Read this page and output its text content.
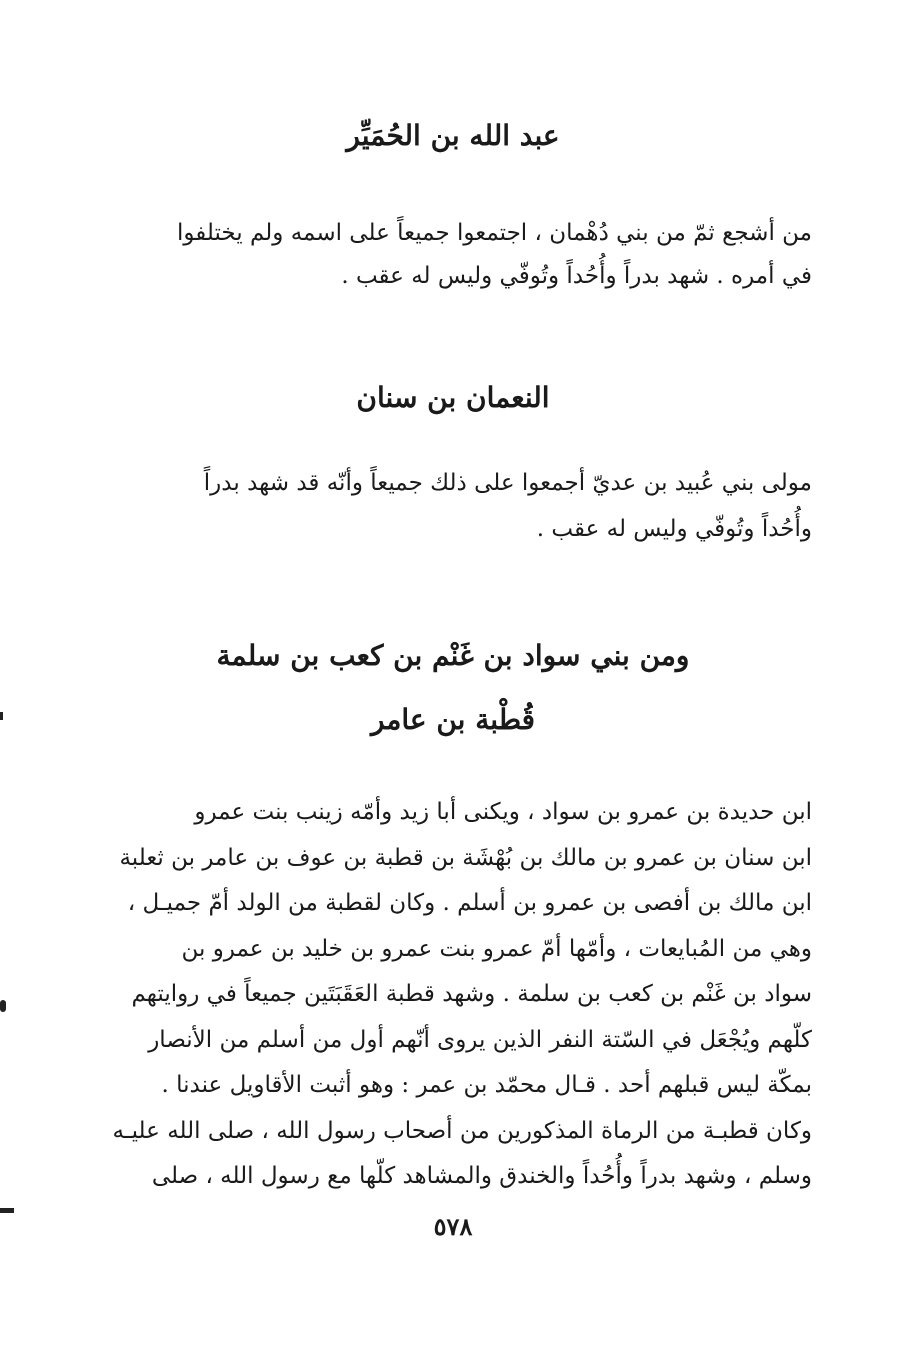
عبد الله بن الحُمَيِّر

من أشجع ثمّ من بني دُهْمان ، اجتمعوا جميعاً على اسمه ولم يختلفوا
في أمره . شهد بدراً وأُحُداً وتُوفّي وليس له عقب .

النعمان بن سنان

مولى بني عُبيد بن عديّ أجمعوا على ذلك جميعاً وأنّه قد شهد بدراً
وأُحُداً وتُوفّي وليس له عقب .

ومن بني سواد بن غَنْم بن كعب بن سلمة
قُطْبة بن عامر

ابن حديدة بن عمرو بن سواد ، ويكنى أبا زيد وأمّه زينب بنت عمرو
ابن سنان بن عمرو بن مالك بن بُهْشَة بن قطبة بن عوف بن عامر بن ثعلبة
ابن مالك بن أفصى بن عمرو بن أسلم . وكان لقطبة من الولد أمّ جميـل ،
وهي من المُبايعات ، وأمّها أمّ عمرو بنت عمرو بن خليد بن عمرو بن
سواد بن غَنْم بن كعب بن سلمة . وشهد قطبة العَقَبَتَين جميعاً في روايتهم
كلّهم ويُجْعَل في السّتة النفر الذين يروى أنّهم أول من أسلم من الأنصار
بمكّة ليس قبلهم أحد . قـال محمّد بن عمر : وهو أثبت الأقاويل عندنا .
وكان قطبـة من الرماة المذكورين من أصحاب رسول الله ، صلى الله عليـه
وسلم ، وشهد بدراً وأُحُداً والخندق والمشاهد كلّها مع رسول الله ، صلى

٥٧٨
